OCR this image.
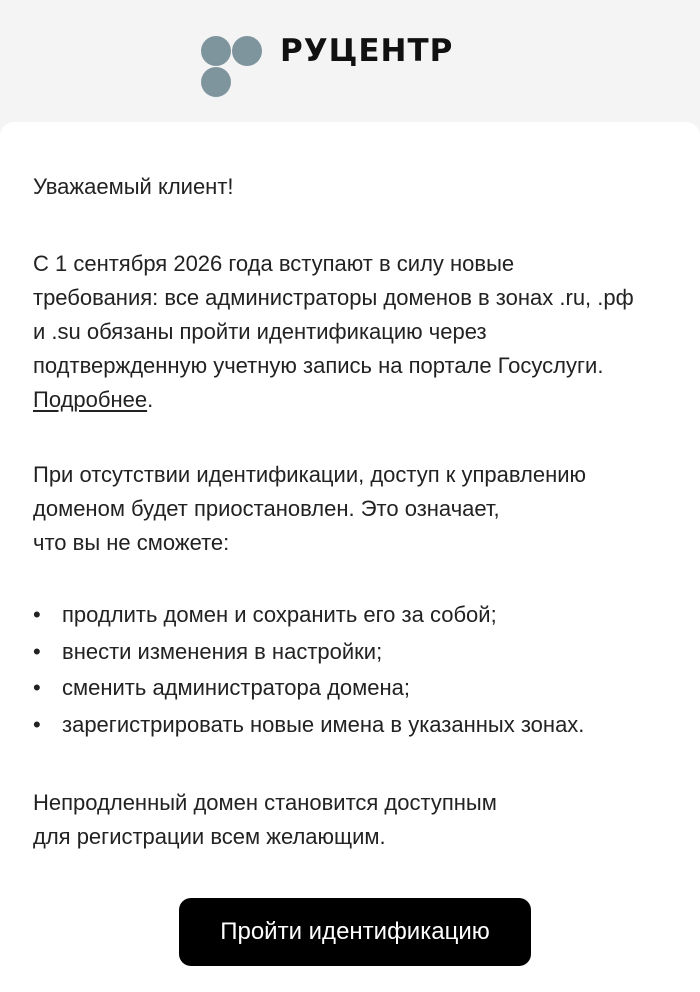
РУЦЕНТР
Уважаемый клиент!
С 1 сентября 2026 года вступают в силу новые
требования: все администраторы доменов в зонах .ru, .рф
и .su обязаны пройти идентификацию через
подтвержденную учетную запись на портале Госуслуги.
Подробнее.
При отсутствии идентификации, доступ к управлению
доменом будет приостановлен. Это означает,
что вы не сможете:
• продлить домен и сохранить его за собой;
• внести изменения в настройки;
• сменить администратора домена;
• зарегистрировать новые имена в указанных зонах.
Непродленный домен становится доступным
для регистрации всем желающим.
Пройти идентификацию
